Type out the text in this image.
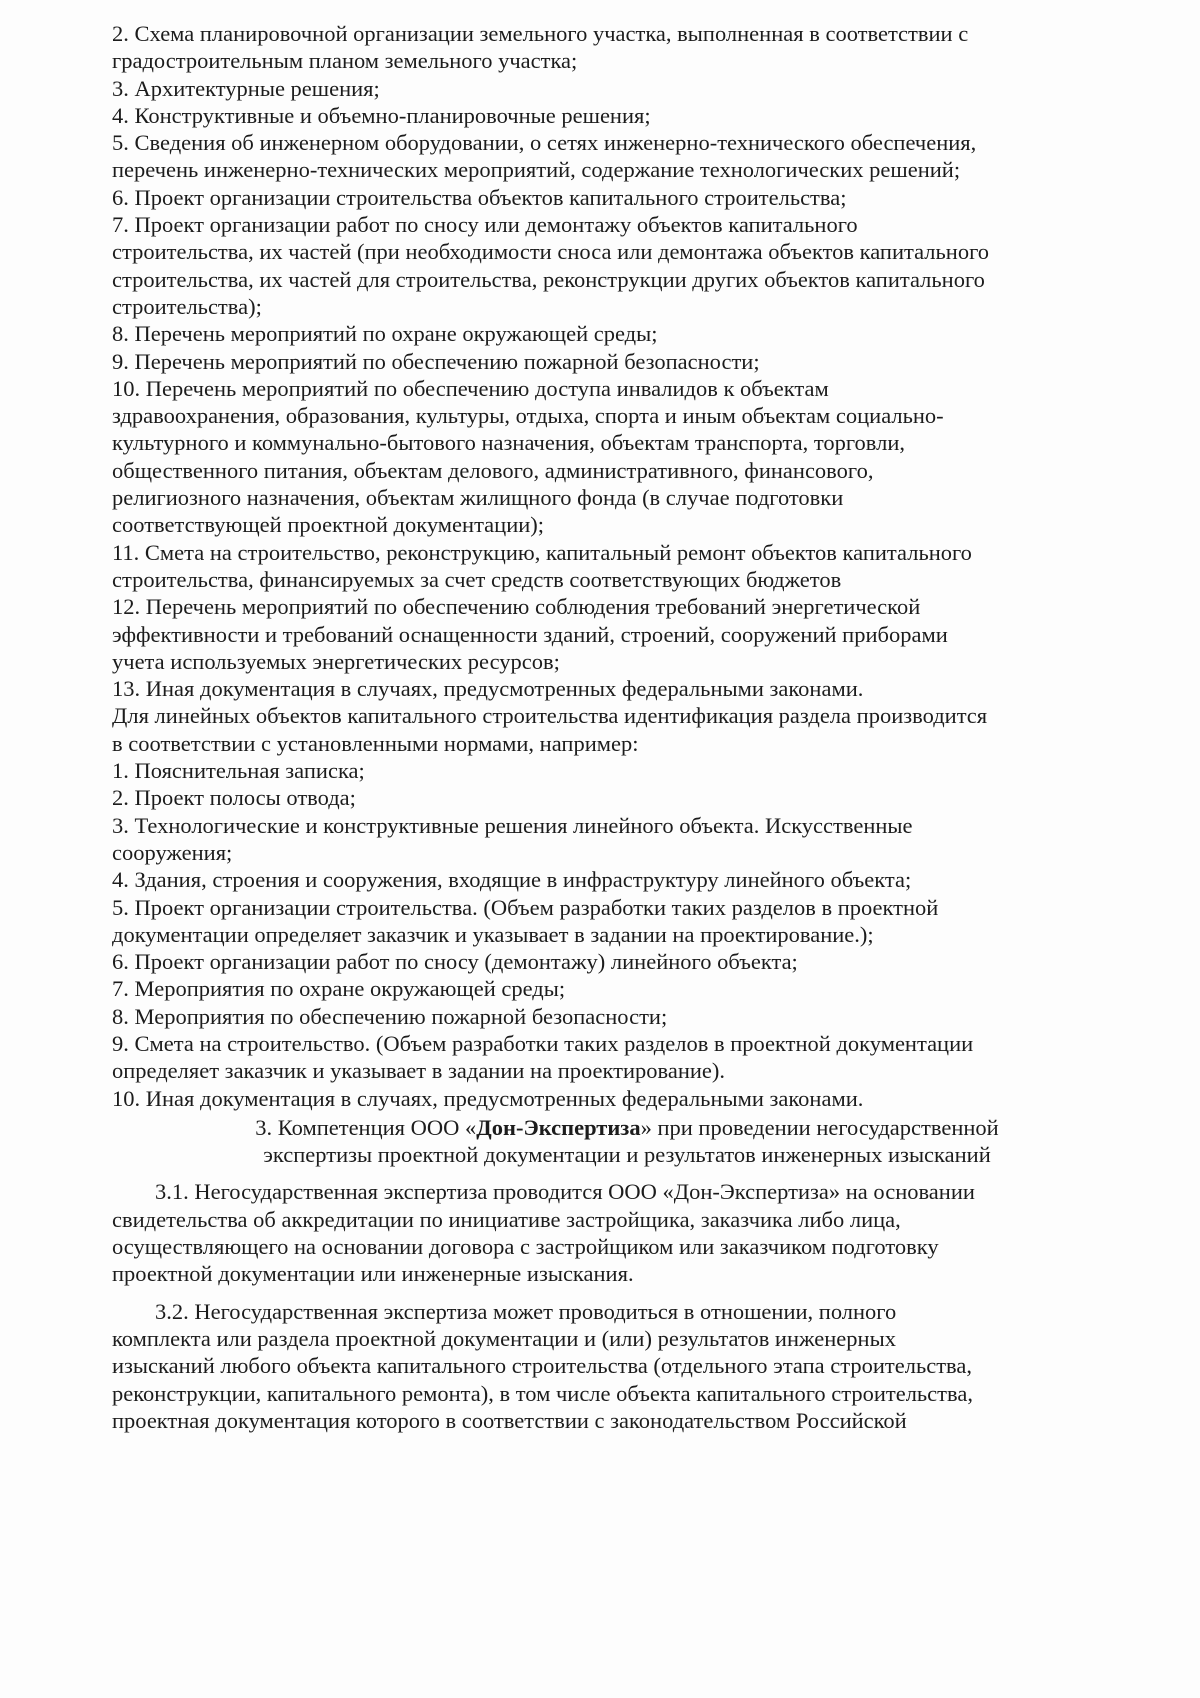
2. Схема планировочной организации земельного участка, выполненная в соответствии с

градостроительным планом земельного участка;

3. Архитектурные решения;

4. Конструктивные и объемно-планировочные решения;

5. Сведения об инженерном оборудовании, о сетях инженерно-технического обеспечения,

перечень инженерно-технических мероприятий, содержание технологических решений;

6. Проект организации строительства объектов капитального строительства;

7. Проект организации работ по сносу или демонтажу объектов капитального

строительства, их частей (при необходимости сноса или демонтажа объектов капитального

строительства, их частей для строительства, реконструкции других объектов капитального

строительства);

8. Перечень мероприятий по охране окружающей среды;

9. Перечень мероприятий по обеспечению пожарной безопасности;

10. Перечень мероприятий по обеспечению доступа инвалидов к объектам

здравоохранения, образования, культуры, отдыха, спорта и иным объектам социально-

культурного и коммунально-бытового назначения, объектам транспорта, торговли,

общественного питания, объектам делового, административного, финансового,

религиозного назначения, объектам жилищного фонда (в случае подготовки

соответствующей проектной документации);

11. Смета на строительство, реконструкцию, капитальный ремонт объектов капитального

строительства, финансируемых за счет средств соответствующих бюджетов

12. Перечень мероприятий по обеспечению соблюдения требований энергетической

эффективности и требований оснащенности зданий, строений, сооружений приборами

учета используемых энергетических ресурсов;

13. Иная документация в случаях, предусмотренных федеральными законами.

Для линейных объектов капитального строительства идентификация раздела производится

в соответствии с установленными нормами, например:

1. Пояснительная записка;

2. Проект полосы отвода;

3. Технологические и конструктивные решения линейного объекта. Искусственные

сооружения;

4. Здания, строения и сооружения, входящие в инфраструктуру линейного объекта;

5. Проект организации строительства. (Объем разработки таких разделов в проектной

документации определяет заказчик и указывает в задании на проектирование.);

6. Проект организации работ по сносу (демонтажу) линейного объекта;

7. Мероприятия по охране окружающей среды;

8. Мероприятия по обеспечению пожарной безопасности;

9. Смета на строительство. (Объем разработки таких разделов в проектной документации

определяет заказчик и указывает в задании на проектирование).

10. Иная документация в случаях, предусмотренных федеральными законами.

3. Компетенция ООО «Дон-Экспертиза» при проведении негосударственной

экспертизы проектной документации и результатов инженерных изысканий

3.1. Негосударственная экспертиза проводится ООО «Дон-Экспертиза» на основании

свидетельства об аккредитации по инициативе застройщика, заказчика либо лица,

осуществляющего на основании договора с застройщиком или заказчиком подготовку

проектной документации или инженерные изыскания.

3.2. Негосударственная экспертиза может проводиться в отношении, полного

комплекта или раздела проектной документации и (или) результатов инженерных

изысканий любого объекта капитального строительства (отдельного этапа строительства,

реконструкции, капитального ремонта), в том числе объекта капитального строительства,

проектная документация которого в соответствии с законодательством Российской
